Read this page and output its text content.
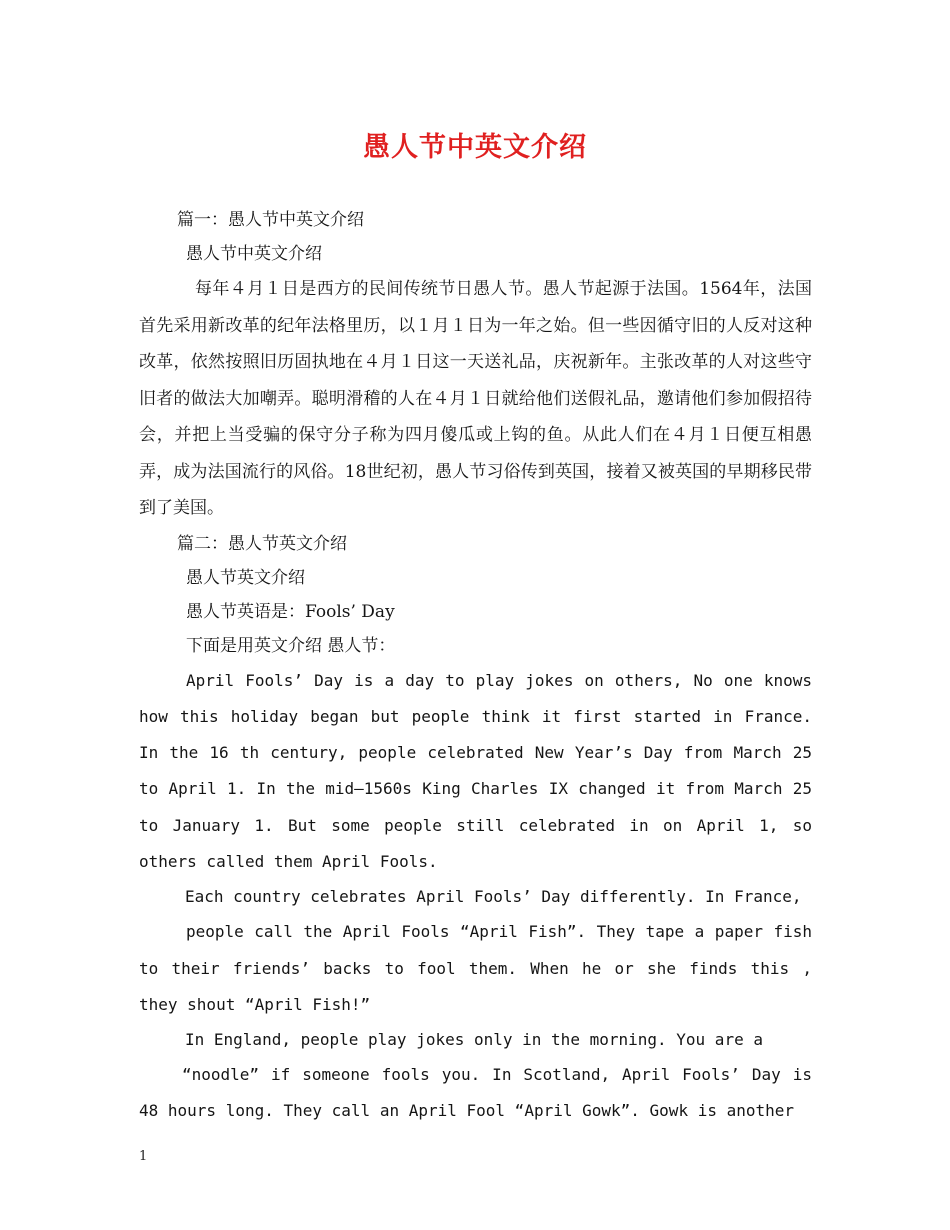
愚人节中英文介绍

篇一：愚人节中英文介绍

愚人节中英文介绍

每年４月１日是西方的民间传统节日愚人节。愚人节起源于法国。1564年，法国首先采用新改革的纪年法格里历，以１月１日为一年之始。但一些因循守旧的人反对这种改革，依然按照旧历固执地在４月１日这一天送礼品，庆祝新年。主张改革的人对这些守旧者的做法大加嘲弄。聪明滑稽的人在４月１日就给他们送假礼品，邀请他们参加假招待会，并把上当受骗的保守分子称为四月傻瓜或上钩的鱼。从此人们在４月１日便互相愚弄，成为法国流行的风俗。18世纪初，愚人节习俗传到英国，接着又被英国的早期移民带到了美国。

篇二：愚人节英文介绍

愚人节英文介绍

愚人节英语是：Fools’ Day

下面是用英文介绍 愚人节：

April Fools’ Day is a day to play jokes on others, No one knows how this holiday began but people think it first started in France. In the 16 th century, people celebrated New Year’s Day from March 25 to April 1. In the mid—1560s King Charles IX changed it from March 25 to January 1. But some people still celebrated in on April 1, so others called them April Fools.

Each country celebrates April Fools’ Day differently. In France,

people call the April Fools “April Fish”. They tape a paper fish to their friends’ backs to fool them. When he or she finds this , they shout “April Fish!”

In England, people play jokes only in the morning. You are a

“noodle” if someone fools you. In Scotland, April Fools’ Day is 48 hours long. They call an April Fool “April Gowk”. Gowk is another

1
